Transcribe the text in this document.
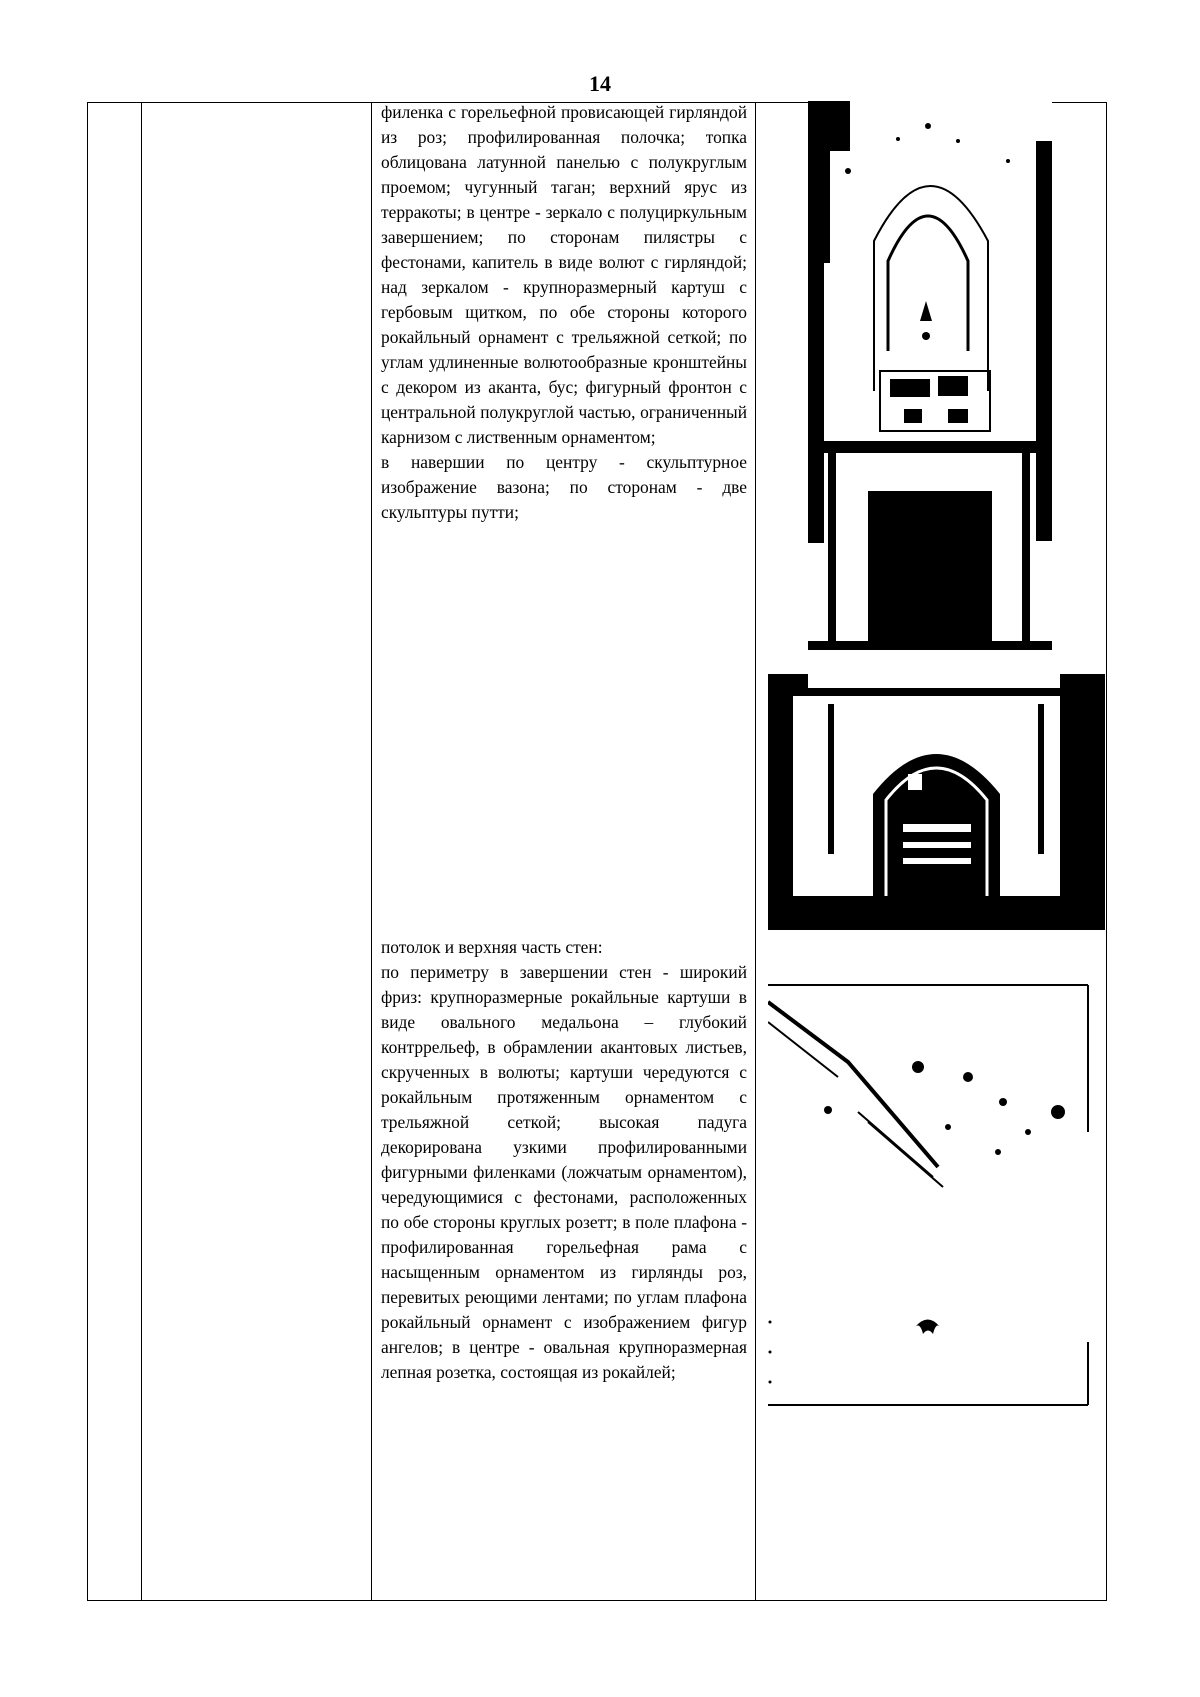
14

филенка с горельефной провисающей гирляндой из роз; профилированная полочка; топка облицована латунной панелью с полукруглым проемом; чугунный таган; верхний ярус из терракоты; в центре - зеркало с полуциркульным завершением; по сторонам пилястры с фестонами, капитель в виде волют с гирляндой; над зеркалом - крупноразмерный картуш с гербовым щитком, по обе стороны которого рокайльный орнамент с трельяжной сеткой; по углам удлиненные волютообразные кронштейны с декором из аканта, бус; фигурный фронтон с центральной полукруглой частью, ограниченный карнизом с лиственным орнаментом;

в навершии по центру - скульптурное изображение вазона; по сторонам - две скульптуры путти;

потолок и верхняя часть стен:

по периметру в завершении стен - широкий фриз: крупноразмерные рокайльные картуши в виде овального медальона – глубокий контррельеф, в обрамлении акантовых листьев, скрученных в волюты; картуши чередуются с рокайльным протяженным орнаментом с трельяжной сеткой; высокая падуга декорирована узкими профилированными фигурными филенками (ложчатым орнаментом), чередующимися с фестонами, расположенных по обе стороны круглых розетт; в поле плафона - профилированная горельефная рама с насыщенным орнаментом из гирлянды роз, перевитых реющими лентами; по углам плафона рокайльный орнамент с изображением фигур ангелов; в центре - овальная крупноразмерная лепная розетка, состоящая из рокайлей;
